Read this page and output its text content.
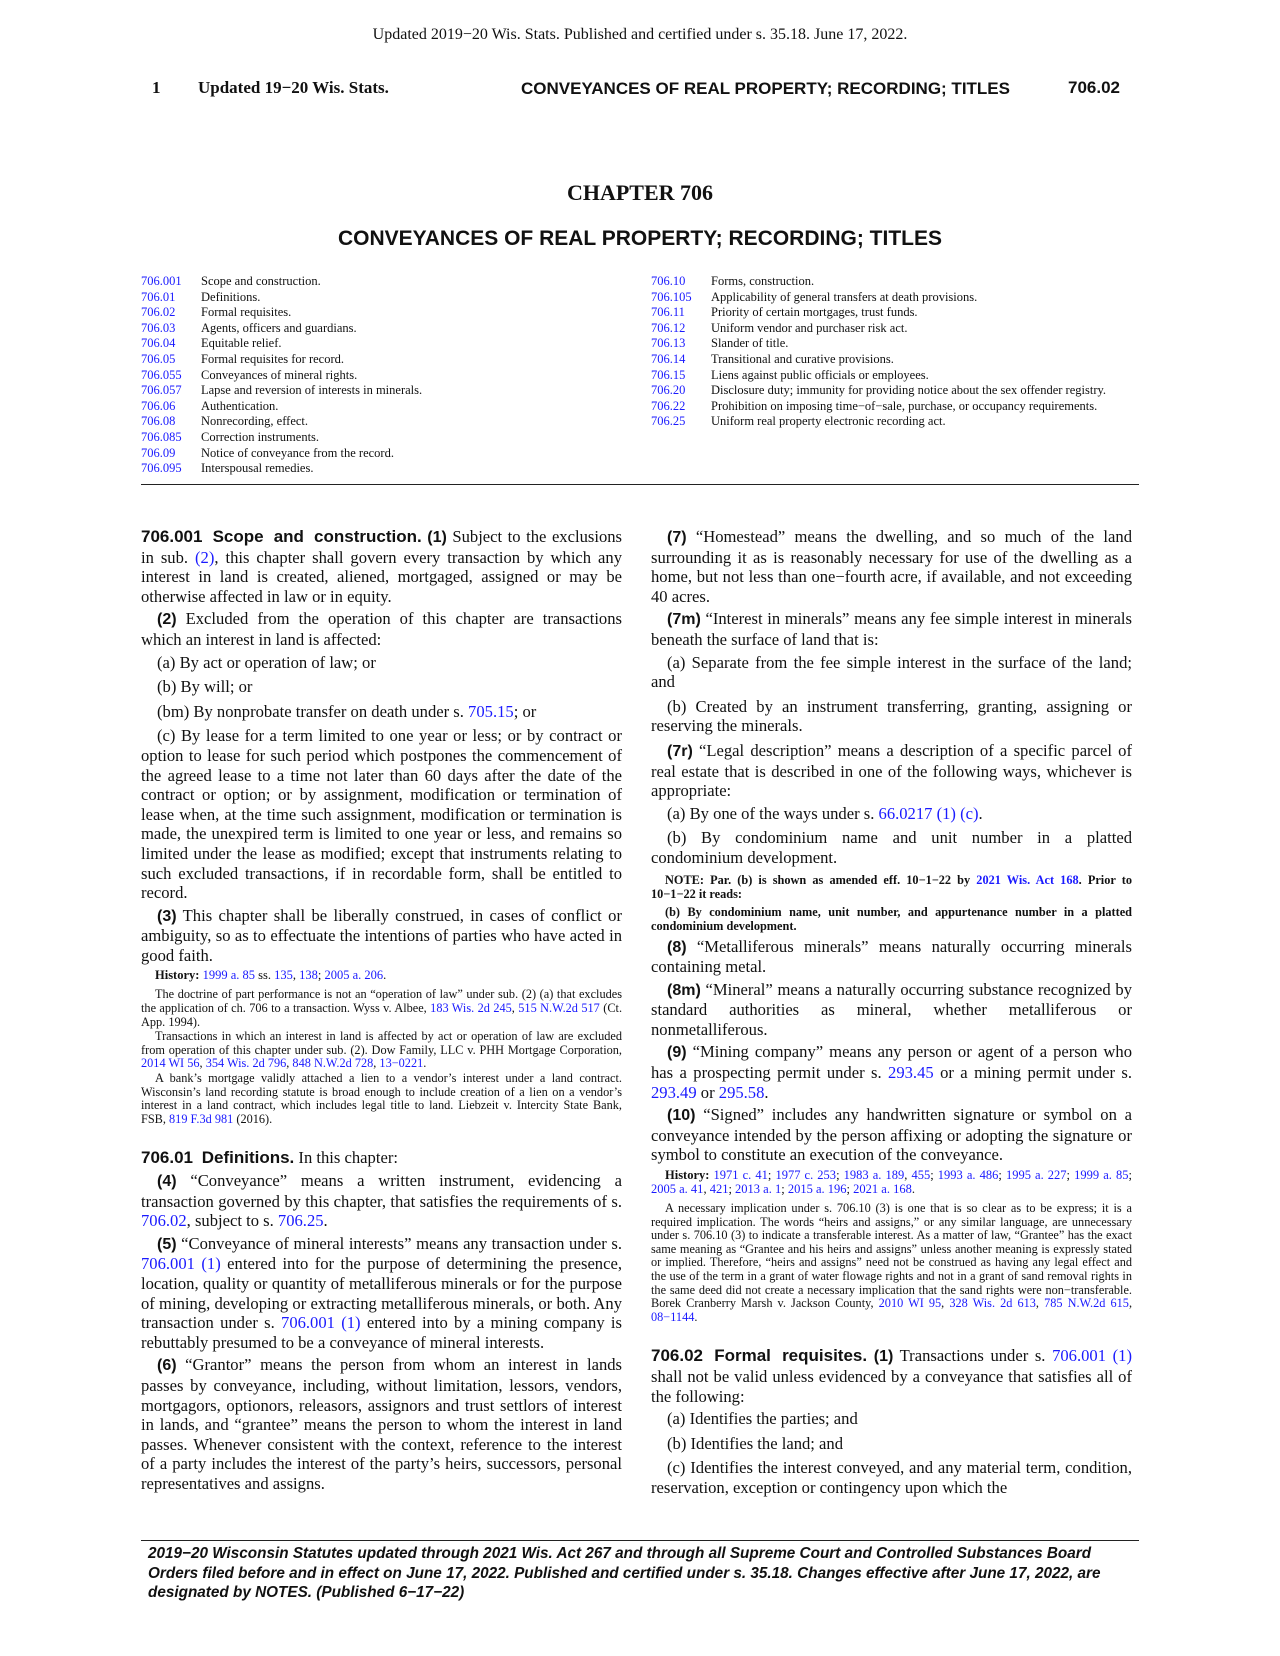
Updated 2019−20 Wis. Stats. Published and certified under s. 35.18. June 17, 2022.
1 Updated 19−20 Wis. Stats.	CONVEYANCES OF REAL PROPERTY; RECORDING; TITLES	706.02
CHAPTER 706
CONVEYANCES OF REAL PROPERTY; RECORDING; TITLES
706.001	Scope and construction.
706.01	Definitions.
706.02	Formal requisites.
706.03	Agents, officers and guardians.
706.04	Equitable relief.
706.05	Formal requisites for record.
706.055	Conveyances of mineral rights.
706.057	Lapse and reversion of interests in minerals.
706.06	Authentication.
706.08	Nonrecording, effect.
706.085	Correction instruments.
706.09	Notice of conveyance from the record.
706.095	Interspousal remedies.
706.10	Forms, construction.
706.105	Applicability of general transfers at death provisions.
706.11	Priority of certain mortgages, trust funds.
706.12	Uniform vendor and purchaser risk act.
706.13	Slander of title.
706.14	Transitional and curative provisions.
706.15	Liens against public officials or employees.
706.20	Disclosure duty; immunity for providing notice about the sex offender registry.
706.22	Prohibition on imposing time−of−sale, purchase, or occupancy requirements.
706.25	Uniform real property electronic recording act.
706.001 Scope and construction. (1) Subject to the exclusions in sub. (2), this chapter shall govern every transaction by which any interest in land is created, aliened, mortgaged, assigned or may be otherwise affected in law or in equity.
(2) Excluded from the operation of this chapter are transactions which an interest in land is affected:
(a) By act or operation of law; or
(b) By will; or
(bm) By nonprobate transfer on death under s. 705.15; or
(c) By lease for a term limited to one year or less; or by contract or option to lease for such period which postpones the commencement of the agreed lease to a time not later than 60 days after the date of the contract or option; or by assignment, modification or termination of lease when, at the time such assignment, modification or termination is made, the unexpired term is limited to one year or less, and remains so limited under the lease as modified; except that instruments relating to such excluded transactions, if in recordable form, shall be entitled to record.
(3) This chapter shall be liberally construed, in cases of conflict or ambiguity, so as to effectuate the intentions of parties who have acted in good faith.
History: 1999 a. 85 ss. 135, 138; 2005 a. 206.
The doctrine of part performance is not an “operation of law” under sub. (2) (a) that excludes the application of ch. 706 to a transaction. Wyss v. Albee, 183 Wis. 2d 245, 515 N.W.2d 517 (Ct. App. 1994).
Transactions in which an interest in land is affected by act or operation of law are excluded from operation of this chapter under sub. (2). Dow Family, LLC v. PHH Mortgage Corporation, 2014 WI 56, 354 Wis. 2d 796, 848 N.W.2d 728, 13−0221.
A bank’s mortgage validly attached a lien to a vendor’s interest under a land contract. Wisconsin’s land recording statute is broad enough to include creation of a lien on a vendor’s interest in a land contract, which includes legal title to land. Liebzeit v. Intercity State Bank, FSB, 819 F.3d 981 (2016).
706.01 Definitions. In this chapter:
(4) “Conveyance” means a written instrument, evidencing a transaction governed by this chapter, that satisfies the requirements of s. 706.02, subject to s. 706.25.
(5) “Conveyance of mineral interests” means any transaction under s. 706.001 (1) entered into for the purpose of determining the presence, location, quality or quantity of metalliferous minerals or for the purpose of mining, developing or extracting metalliferous minerals, or both. Any transaction under s. 706.001 (1) entered into by a mining company is rebuttably presumed to be a conveyance of mineral interests.
(6) “Grantor” means the person from whom an interest in lands passes by conveyance, including, without limitation, lessors, vendors, mortgagors, optionors, releasors, assignors and trust settlors of interest in lands, and “grantee” means the person to whom the interest in land passes. Whenever consistent with the context, reference to the interest of a party includes the interest of the party’s heirs, successors, personal representatives and assigns.
(7) “Homestead” means the dwelling, and so much of the land surrounding it as is reasonably necessary for use of the dwelling as a home, but not less than one−fourth acre, if available, and not exceeding 40 acres.
(7m) “Interest in minerals” means any fee simple interest in minerals beneath the surface of land that is:
(a) Separate from the fee simple interest in the surface of the land; and
(b) Created by an instrument transferring, granting, assigning or reserving the minerals.
(7r) “Legal description” means a description of a specific parcel of real estate that is described in one of the following ways, whichever is appropriate:
(a) By one of the ways under s. 66.0217 (1) (c).
(b) By condominium name and unit number in a platted condominium development.
NOTE: Par. (b) is shown as amended eff. 10−1−22 by 2021 Wis. Act 168. Prior to 10−1−22 it reads:
(b) By condominium name, unit number, and appurtenance number in a platted condominium development.
(8) “Metalliferous minerals” means naturally occurring minerals containing metal.
(8m) “Mineral” means a naturally occurring substance recognized by standard authorities as mineral, whether metalliferous or nonmetalliferous.
(9) “Mining company” means any person or agent of a person who has a prospecting permit under s. 293.45 or a mining permit under s. 293.49 or 295.58.
(10) “Signed” includes any handwritten signature or symbol on a conveyance intended by the person affixing or adopting the signature or symbol to constitute an execution of the conveyance.
History: 1971 c. 41; 1977 c. 253; 1983 a. 189, 455; 1993 a. 486; 1995 a. 227; 1999 a. 85; 2005 a. 41, 421; 2013 a. 1; 2015 a. 196; 2021 a. 168.
A necessary implication under s. 706.10 (3) is one that is so clear as to be express; it is a required implication. The words “heirs and assigns,” or any similar language, are unnecessary under s. 706.10 (3) to indicate a transferable interest. As a matter of law, “Grantee” has the exact same meaning as “Grantee and his heirs and assigns” unless another meaning is expressly stated or implied. Therefore, “heirs and assigns” need not be construed as having any legal effect and the use of the term in a grant of water flowage rights and not in a grant of sand removal rights in the same deed did not create a necessary implication that the sand rights were non−transferable. Borek Cranberry Marsh v. Jackson County, 2010 WI 95, 328 Wis. 2d 613, 785 N.W.2d 615, 08−1144.
706.02 Formal requisites. (1) Transactions under s. 706.001 (1) shall not be valid unless evidenced by a conveyance that satisfies all of the following:
(a) Identifies the parties; and
(b) Identifies the land; and
(c) Identifies the interest conveyed, and any material term, condition, reservation, exception or contingency upon which the
2019−20 Wisconsin Statutes updated through 2021 Wis. Act 267 and through all Supreme Court and Controlled Substances Board Orders filed before and in effect on June 17, 2022. Published and certified under s. 35.18. Changes effective after June 17, 2022, are designated by NOTES. (Published 6−17−22)
